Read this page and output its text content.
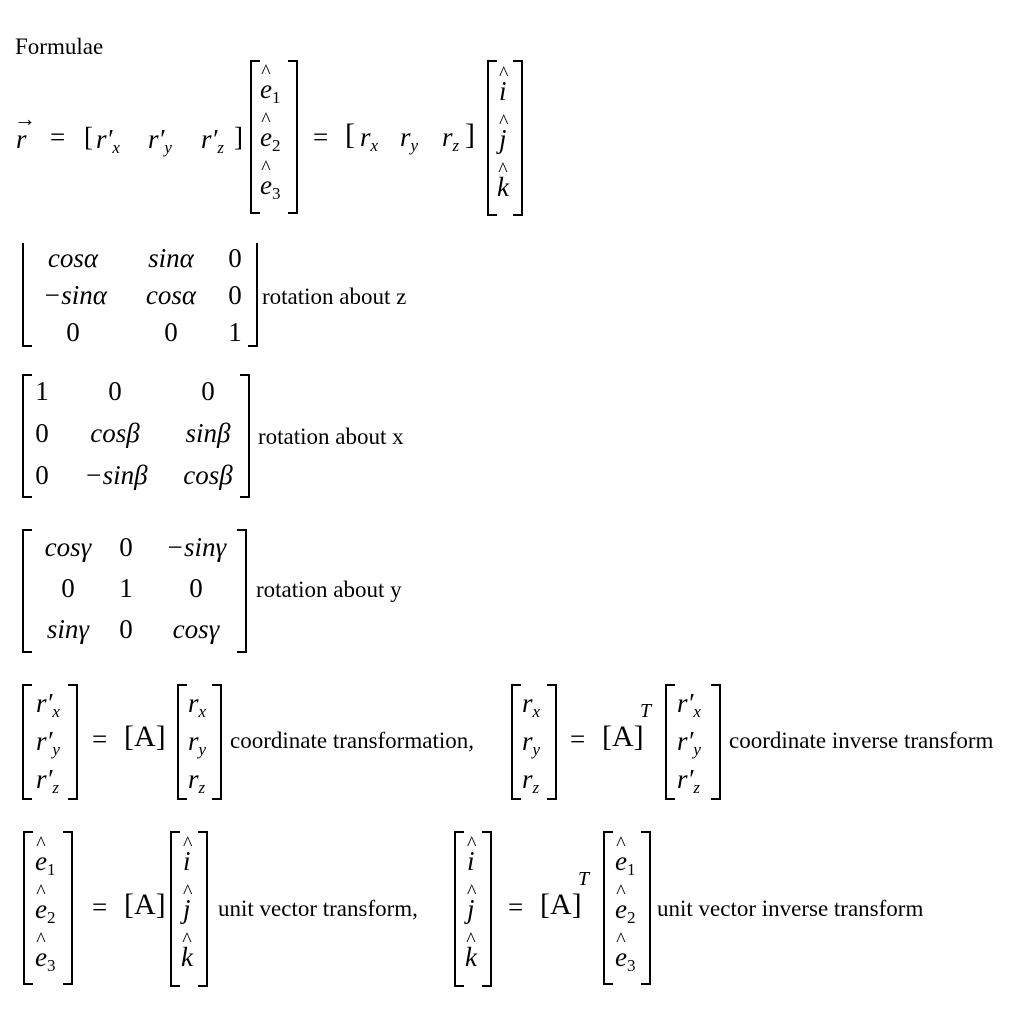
Formulae
r
→
= [ $r'_x$ $r'_y$ $r'_z$ ]
^ e1
^ e2
^ e3
= [ $r_x$ $r_y$ $r_z$ ]
^ i
^ j
^ k
cosα	sinα	0
−sinα	cosα	0
0	0	1
rotation about z
1	0	0
0	cosβ	sinβ
0	−sinβ	cosβ
rotation about x
cosγ	0	−sinγ
0	1	0
sinγ	0	cosγ
rotation about y
$r'_x$
$r'_y$
$r'_z$
= [A]
$r_x$
$r_y$
$r_z$
coordinate transformation,
$r_x$
$r_y$
$r_z$
= [A]
T $r'_x$
$r'_y$
$r'_z$
coordinate inverse transform
^ e1
^ e2
^ e3
= [A]
^ i
^ j
^ k
unit vector transform,
^ i
^ j
^ k
= [A]
T
^ e1
^ e2
^ e3
unit vector inverse transform
